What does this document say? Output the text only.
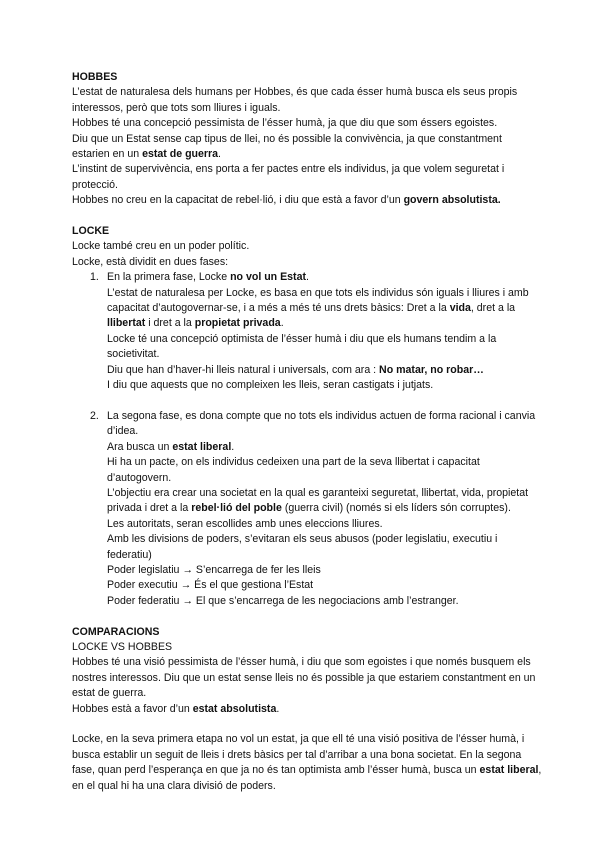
HOBBES

L’estat de naturalesa dels humans per Hobbes, és que cada ésser humà busca els seus propis interessos, però que tots som lliures i iguals.

Hobbes té una concepció pessimista de l’ésser humà, ja que diu que som éssers egoistes.

Diu que un Estat sense cap tipus de llei, no és possible la convivència, ja que constantment estarien en un estat de guerra.

L’instint de supervivència, ens porta a fer pactes entre els individus, ja que volem seguretat i protecció.

Hobbes no creu en la capacitat de rebel·lió, i diu que està a favor d’un govern absolutista.

LOCKE

Locke també creu en un poder polític.

Locke, està dividit en dues fases:

1. En la primera fase, Locke no vol un Estat.

L’estat de naturalesa per Locke, es basa en que tots els individus són iguals i lliures i amb capacitat d’autogovernar-se, i a més a més té uns drets bàsics: Dret a la vida, dret a la llibertat i dret a la propietat privada.

Locke té una concepció optimista de l’ésser humà i diu que els humans tendim a la societivitat.

Diu que han d’haver-hi lleis natural i universals, com ara : No matar, no robar…

I diu que aquests que no compleixen les lleis, seran castigats i jutjats.

2. La segona fase, es dona compte que no tots els individus actuen de forma racional i canvia d’idea.

Ara busca un estat liberal.

Hi ha un pacte, on els individus cedeixen una part de la seva llibertat i capacitat d’autogovern.

L’objectiu era crear una societat en la qual es garanteixi seguretat, llibertat, vida, propietat privada i dret a la rebel·lió del poble (guerra civil) (només si els líders són corruptes).

Les autoritats, seran escollides amb unes eleccions lliures.

Amb les divisions de poders, s’evitaran els seus abusos (poder legislatiu, executiu i federatiu)

Poder legislatiu → S’encarrega de fer les lleis

Poder executiu → És el que gestiona l’Estat

Poder federatiu → El que s’encarrega de les negociacions amb l’estranger.

COMPARACIONS

LOCKE VS HOBBES

Hobbes té una visió pessimista de l’ésser humà, i diu que som egoistes i que només busquem els nostres interessos. Diu que un estat sense lleis no és possible ja que estariem constantment en un estat de guerra.

Hobbes està a favor d’un estat absolutista.

Locke, en la seva primera etapa no vol un estat, ja que ell té una visió positiva de l’ésser humà, i busca establir un seguit de lleis i drets bàsics per tal d’arribar a una bona societat. En la segona fase, quan perd l’esperança en que ja no és tan optimista amb l’ésser humà, busca un estat liberal, en el qual hi ha una clara divisió de poders.
